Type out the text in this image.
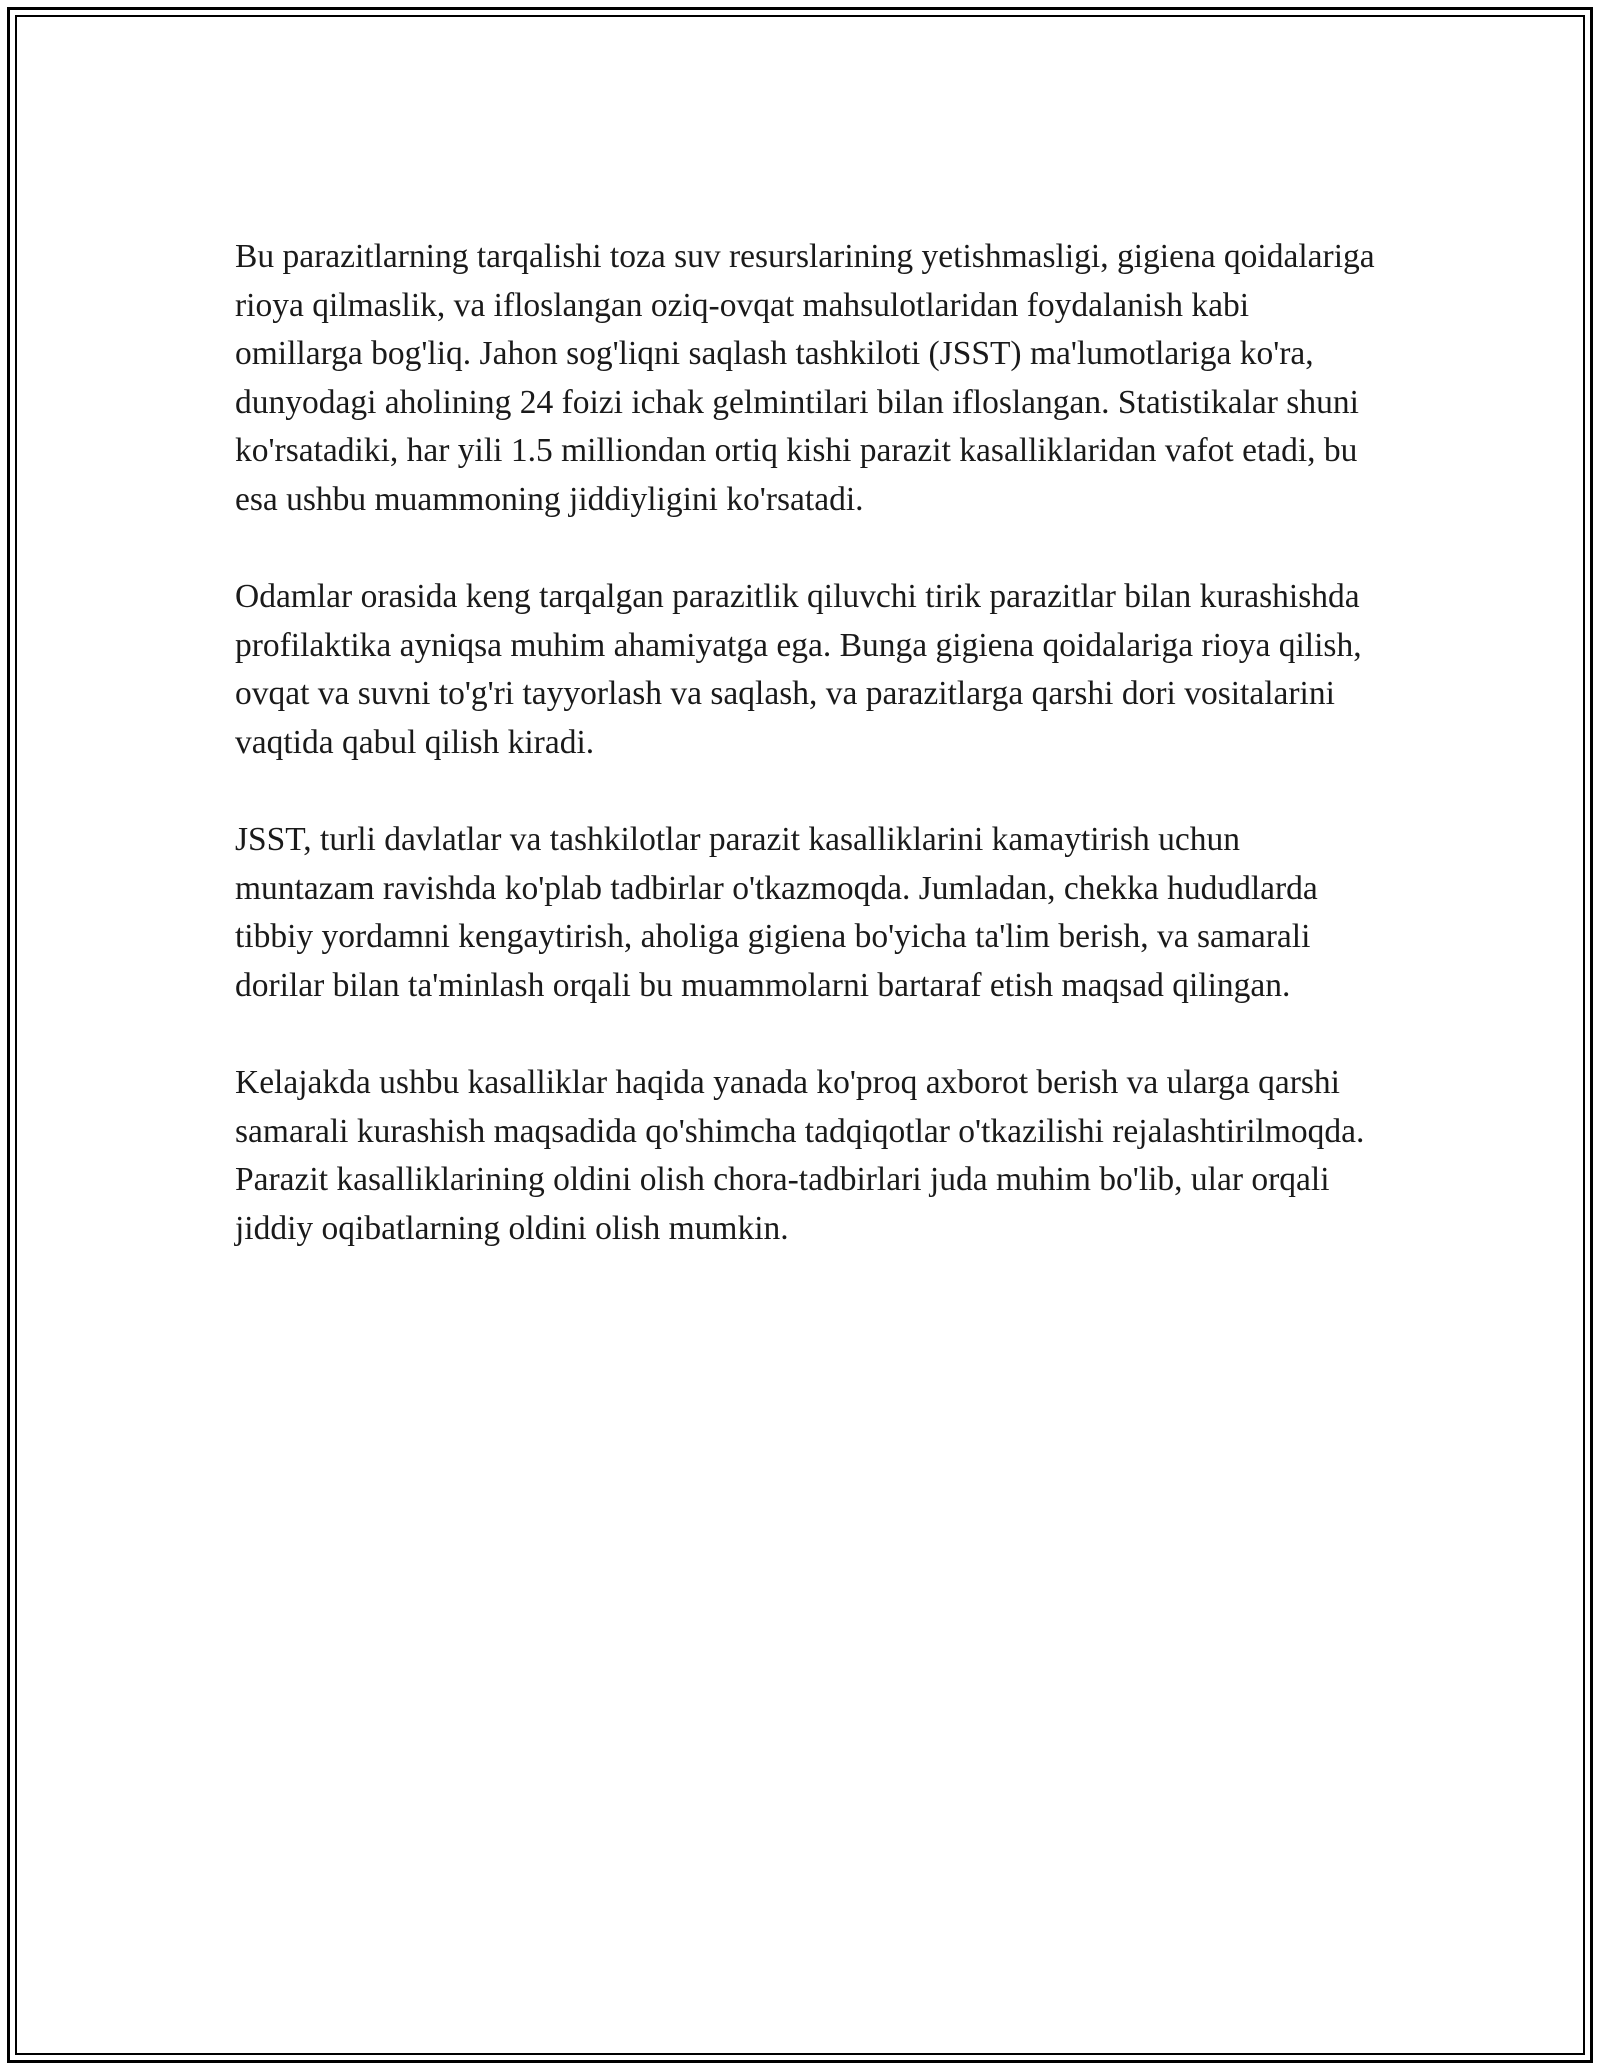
Bu parazitlarning tarqalishi toza suv resurslarining yetishmasligi, gigiena qoidalariga rioya qilmaslik, va ifloslangan oziq-ovqat mahsulotlaridan foydalanish kabi omillarga bog'liq. Jahon sog'liqni saqlash tashkiloti (JSST) ma'lumotlariga ko'ra, dunyodagi aholining 24 foizi ichak gelmintilari bilan ifloslangan. Statistikalar shuni ko'rsatadiki, har yili 1.5 milliondan ortiq kishi parazit kasalliklaridan vafot etadi, bu esa ushbu muammoning jiddiyligini ko'rsatadi.

Odamlar orasida keng tarqalgan parazitlik qiluvchi tirik parazitlar bilan kurashishda profilaktika ayniqsa muhim ahamiyatga ega. Bunga gigiena qoidalariga rioya qilish, ovqat va suvni to'g'ri tayyorlash va saqlash, va parazitlarga qarshi dori vositalarini vaqtida qabul qilish kiradi.

JSST, turli davlatlar va tashkilotlar parazit kasalliklarini kamaytirish uchun muntazam ravishda ko'plab tadbirlar o'tkazmoqda. Jumladan, chekka hududlarda tibbiy yordamni kengaytirish, aholiga gigiena bo'yicha ta'lim berish, va samarali dorilar bilan ta'minlash orqali bu muammolarni bartaraf etish maqsad qilingan.

Kelajakda ushbu kasalliklar haqida yanada ko'proq axborot berish va ularga qarshi samarali kurashish maqsadida qo'shimcha tadqiqotlar o'tkazilishi rejalashtirilmoqda. Parazit kasalliklarining oldini olish chora-tadbirlari juda muhim bo'lib, ular orqali jiddiy oqibatlarning oldini olish mumkin.
